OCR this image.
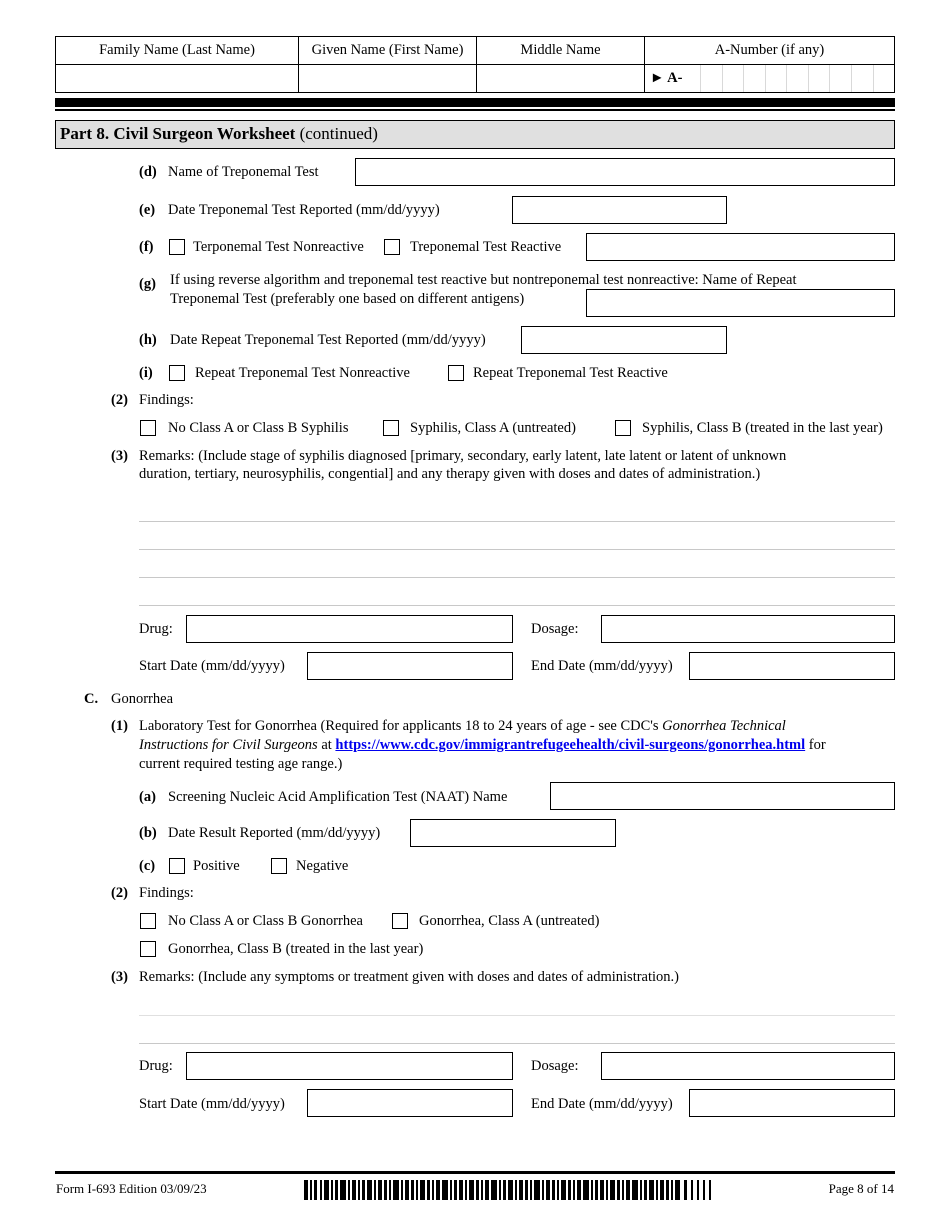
Family Name (Last Name)	Given Name (First Name)	Middle Name	A-Number (if any)

			► A-
Part 8. Civil Surgeon Worksheet (continued)
(d) Name of Treponemal Test
(e) Date Treponemal Test Reported (mm/dd/yyyy)
(f)	Terponemal Test Nonreactive	Treponemal Test Reactive
(g) If using reverse algorithm and treponemal test reactive but nontreponemal test nonreactive: Name of Repeat
Treponemal Test (preferably one based on different antigens)
(h) Date Repeat Treponemal Test Reported (mm/dd/yyyy)
(i)	Repeat Treponemal Test Nonreactive	Repeat Treponemal Test Reactive
(2) Findings:
No Class A or Class B Syphilis	Syphilis, Class A (untreated)	Syphilis, Class B (treated in the last year)
(3) Remarks: (Include stage of syphilis diagnosed [primary, secondary, early latent, late latent or latent of unknown
duration, tertiary, neurosyphilis, congential] and any therapy given with doses and dates of administration.)
Drug:	Dosage:
Start Date (mm/dd/yyyy)	End Date (mm/dd/yyyy)
C. Gonorrhea
(1) Laboratory Test for Gonorrhea (Required for applicants 18 to 24 years of age - see CDC's Gonorrhea Technical
Instructions for Civil Surgeons at https://www.cdc.gov/immigrantrefugeehealth/civil-surgeons/gonorrhea.html for
current required testing age range.)
(a) Screening Nucleic Acid Amplification Test (NAAT) Name
(b) Date Result Reported (mm/dd/yyyy)
(c)	Positive	Negative
(2) Findings:
No Class A or Class B Gonorrhea	Gonorrhea, Class A (untreated)
Gonorrhea, Class B (treated in the last year)
(3) Remarks: (Include any symptoms or treatment given with doses and dates of administration.)
Drug:	Dosage:
Start Date (mm/dd/yyyy)	End Date (mm/dd/yyyy)
Form I-693 Edition 03/09/23	Page 8 of 14
